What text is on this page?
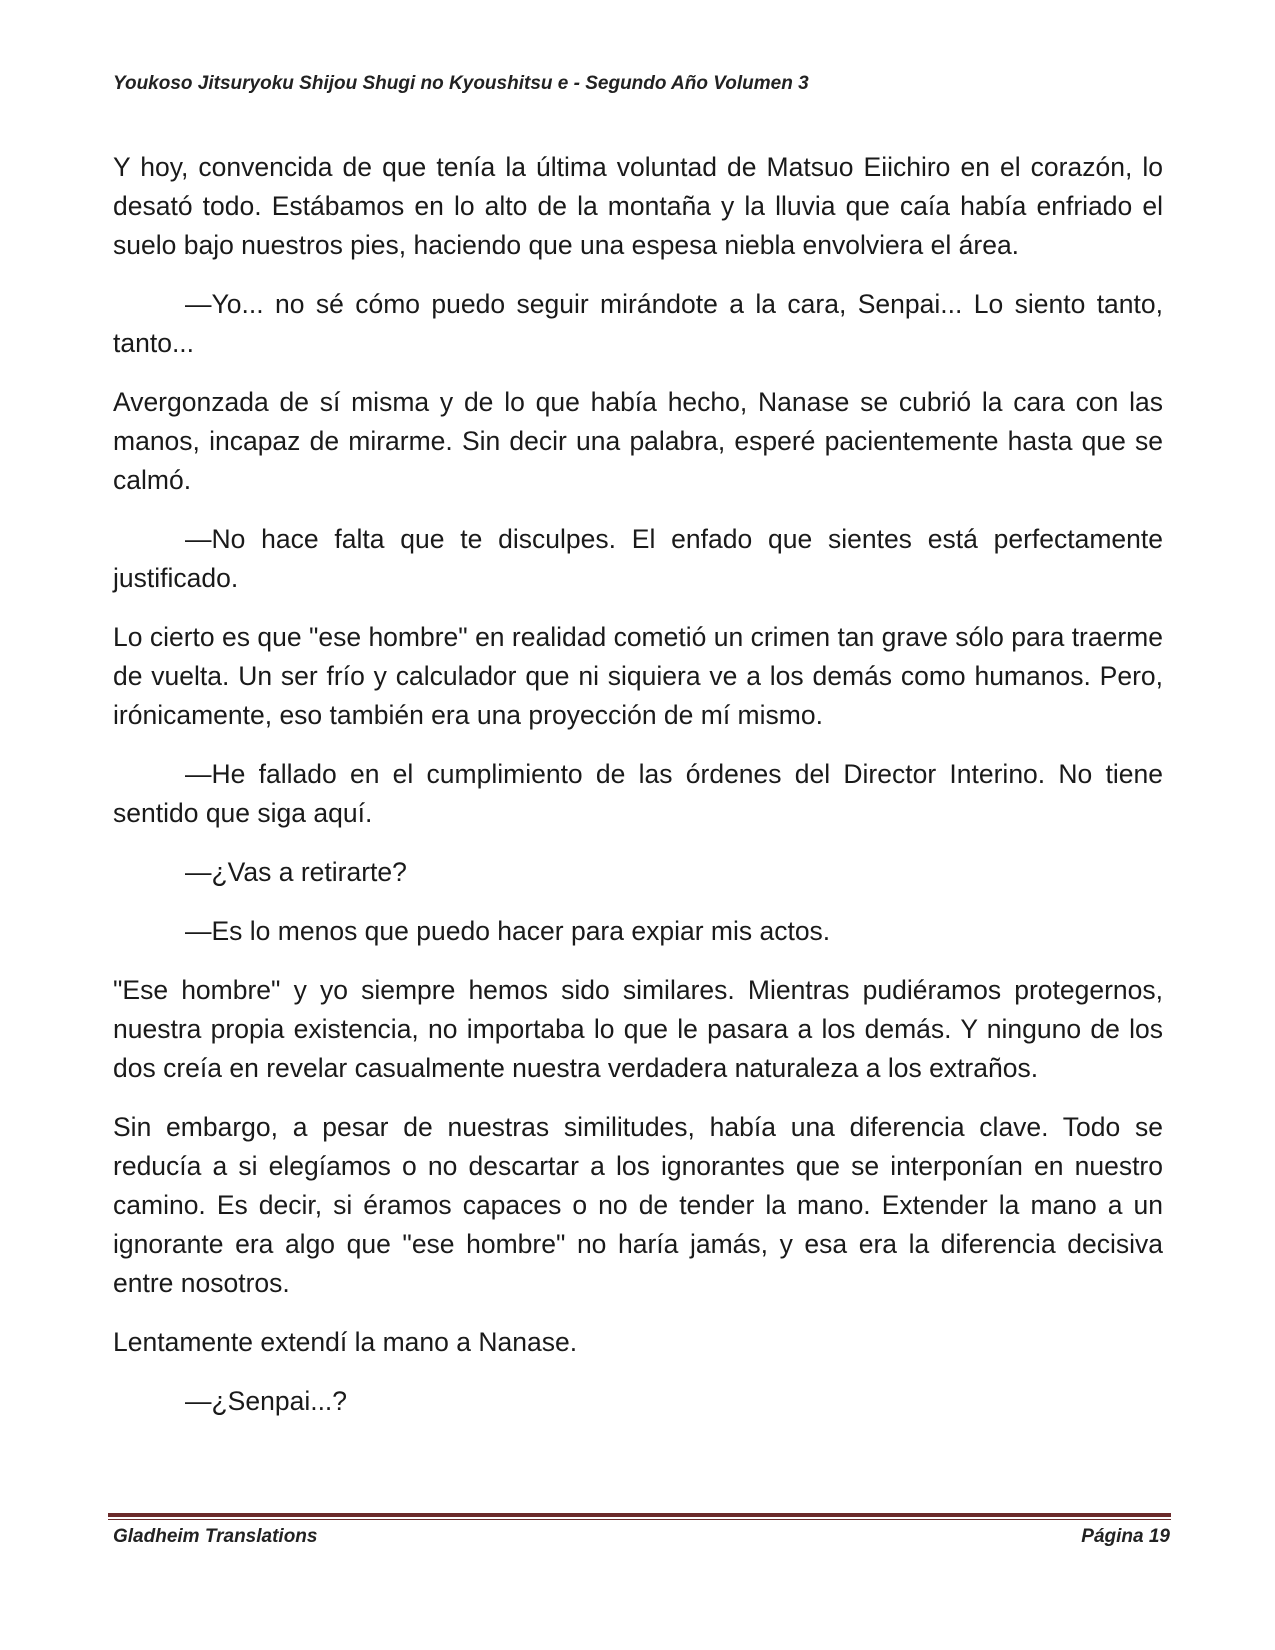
Youkoso Jitsuryoku Shijou Shugi no Kyoushitsu e - Segundo Año Volumen 3

Y hoy, convencida de que tenía la última voluntad de Matsuo Eiichiro en el corazón, lo desató todo. Estábamos en lo alto de la montaña y la lluvia que caía había enfriado el suelo bajo nuestros pies, haciendo que una espesa niebla envolviera el área.

—Yo... no sé cómo puedo seguir mirándote a la cara, Senpai... Lo siento tanto, tanto...

Avergonzada de sí misma y de lo que había hecho, Nanase se cubrió la cara con las manos, incapaz de mirarme. Sin decir una palabra, esperé pacientemente hasta que se calmó.

—No hace falta que te disculpes. El enfado que sientes está perfectamente justificado.

Lo cierto es que "ese hombre" en realidad cometió un crimen tan grave sólo para traerme de vuelta. Un ser frío y calculador que ni siquiera ve a los demás como humanos. Pero, irónicamente, eso también era una proyección de mí mismo.

—He fallado en el cumplimiento de las órdenes del Director Interino. No tiene sentido que siga aquí.

—¿Vas a retirarte?

—Es lo menos que puedo hacer para expiar mis actos.

"Ese hombre" y yo siempre hemos sido similares. Mientras pudiéramos protegernos, nuestra propia existencia, no importaba lo que le pasara a los demás. Y ninguno de los dos creía en revelar casualmente nuestra verdadera naturaleza a los extraños.

Sin embargo, a pesar de nuestras similitudes, había una diferencia clave. Todo se reducía a si elegíamos o no descartar a los ignorantes que se interponían en nuestro camino. Es decir, si éramos capaces o no de tender la mano. Extender la mano a un ignorante era algo que "ese hombre" no haría jamás, y esa era la diferencia decisiva entre nosotros.

Lentamente extendí la mano a Nanase.

—¿Senpai...?

Gladheim Translations	Página 19
